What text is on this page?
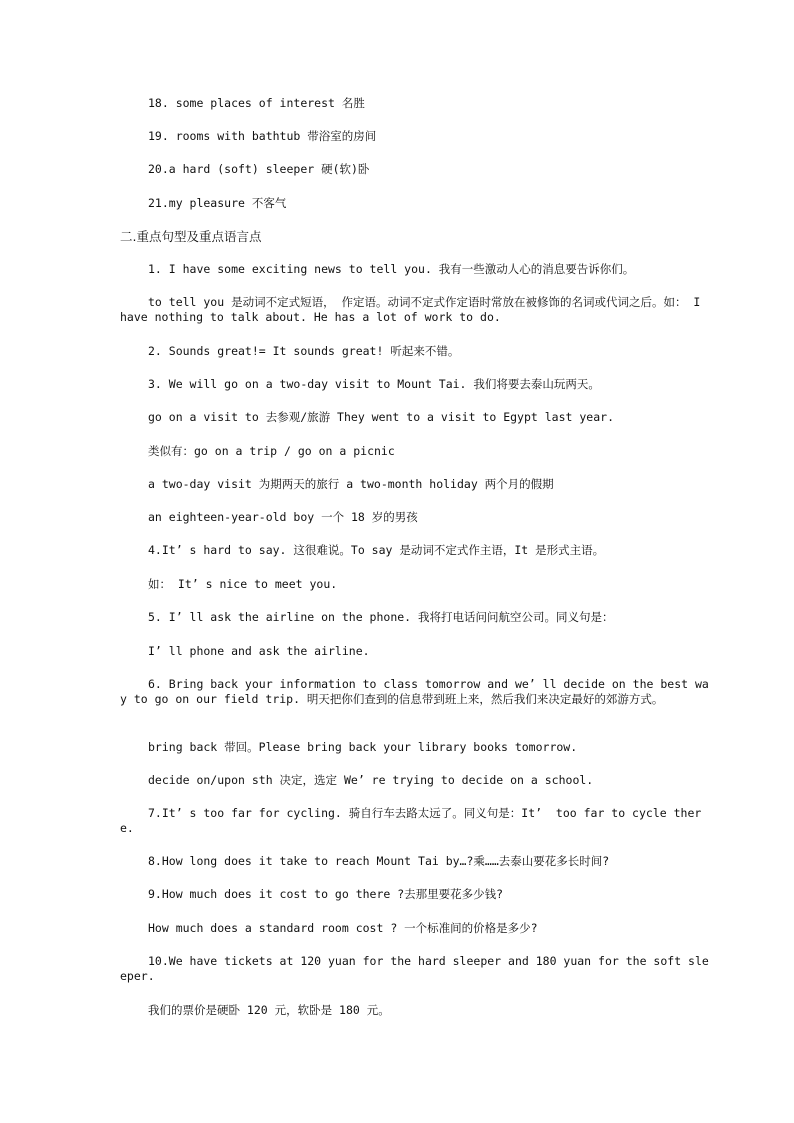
18. some places of interest 名胜
19. rooms with bathtub 带浴室的房间
20.a hard (soft) sleeper 硬(软)卧
21.my pleasure 不客气
二.重点句型及重点语言点
1. I have some exciting news to tell you. 我有一些激动人心的消息要告诉你们。
to tell you 是动词不定式短语， 作定语。动词不定式作定语时常放在被修饰的名词或代词之后。如： I have nothing to talk about. He has a lot of work to do.
2. Sounds great!= It sounds great! 听起来不错。
3. We will go on a two-day visit to Mount Tai. 我们将要去泰山玩两天。
go on a visit to 去参观/旅游 They went to a visit to Egypt last year.
类似有：go on a trip / go on a picnic
a two-day visit 为期两天的旅行 a two-month holiday 两个月的假期
an eighteen-year-old boy 一个 18 岁的男孩
4.It’ s hard to say. 这很难说。To say 是动词不定式作主语，It 是形式主语。
如： It’ s nice to meet you.
5. I’ ll ask the airline on the phone. 我将打电话问问航空公司。同义句是：
I’ ll phone and ask the airline.
6. Bring back your information to class tomorrow and we’ ll decide on the best way to go on our field trip. 明天把你们查到的信息带到班上来，然后我们来决定最好的郊游方式。
bring back 带回。Please bring back your library books tomorrow.
decide on/upon sth 决定，选定 We’ re trying to decide on a school.
7.It’ s too far for cycling. 骑自行车去路太远了。同义句是：It’  too far to cycle there.
8.How long does it take to reach Mount Tai by…?乘……去泰山要花多长时间?
9.How much does it cost to go there ?去那里要花多少钱?
How much does a standard room cost ? 一个标准间的价格是多少?
10.We have tickets at 120 yuan for the hard sleeper and 180 yuan for the soft sleeper.
我们的票价是硬卧 120 元，软卧是 180 元。
